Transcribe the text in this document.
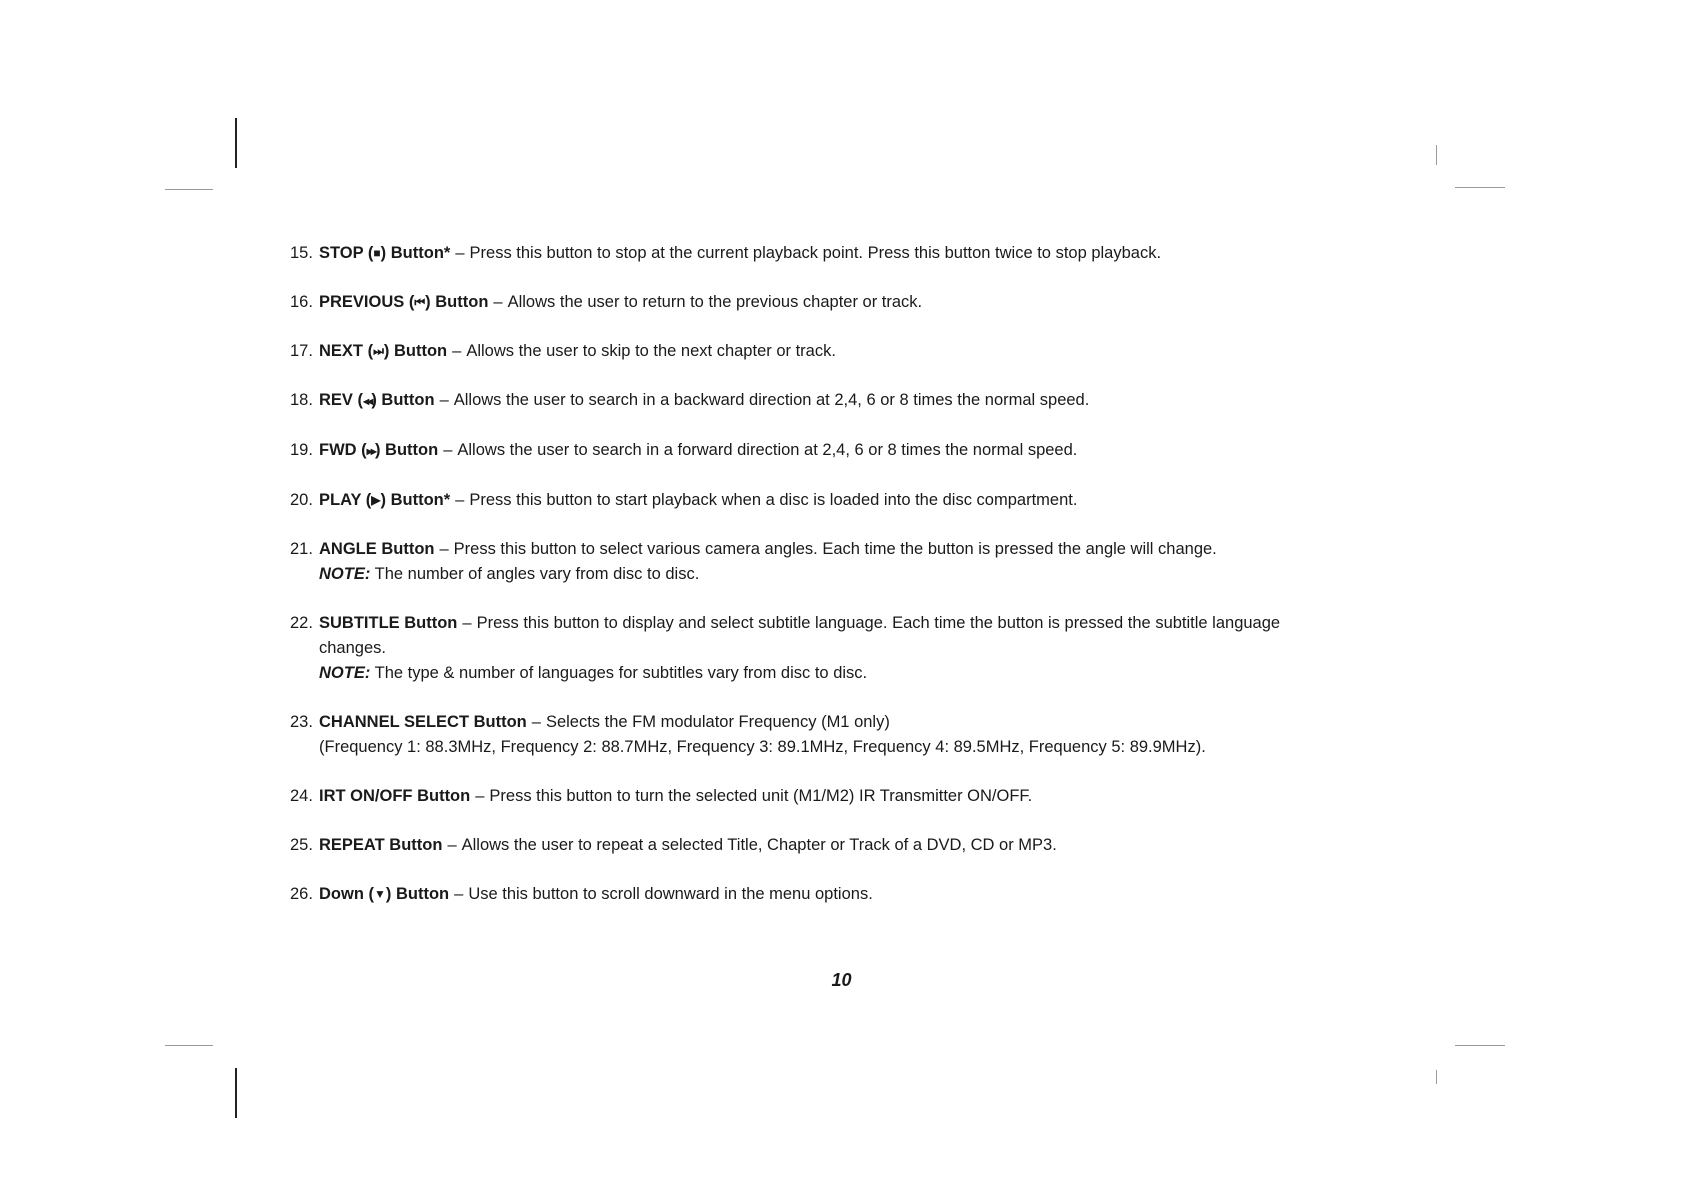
15. STOP (■) Button* – Press this button to stop at the current playback point. Press this button twice to stop playback.
16. PREVIOUS (⏮) Button – Allows the user to return to the previous chapter or track.
17. NEXT (⏭) Button – Allows the user to skip to the next chapter or track.
18. REV (◀◀) Button – Allows the user to search in a backward direction at 2,4, 6 or 8 times the normal speed.
19. FWD (▶▶) Button – Allows the user to search in a forward direction at 2,4, 6 or 8 times the normal speed.
20. PLAY (▶) Button* – Press this button to start playback when a disc is loaded into the disc compartment.
21. ANGLE Button – Press this button to select various camera angles. Each time the button is pressed the angle will change.
NOTE: The number of angles vary from disc to disc.
22. SUBTITLE Button – Press this button to display and select subtitle language. Each time the button is pressed the subtitle language
changes.
NOTE: The type & number of languages for subtitles vary from disc to disc.
23. CHANNEL SELECT Button – Selects the FM modulator Frequency (M1 only)
(Frequency 1: 88.3MHz, Frequency 2: 88.7MHz, Frequency 3: 89.1MHz, Frequency 4: 89.5MHz, Frequency 5: 89.9MHz).
24. IRT ON/OFF Button – Press this button to turn the selected unit (M1/M2) IR Transmitter ON/OFF.
25. REPEAT Button – Allows the user to repeat a selected Title, Chapter or Track of a DVD, CD or MP3.
26. Down (▼) Button – Use this button to scroll downward in the menu options.
10
